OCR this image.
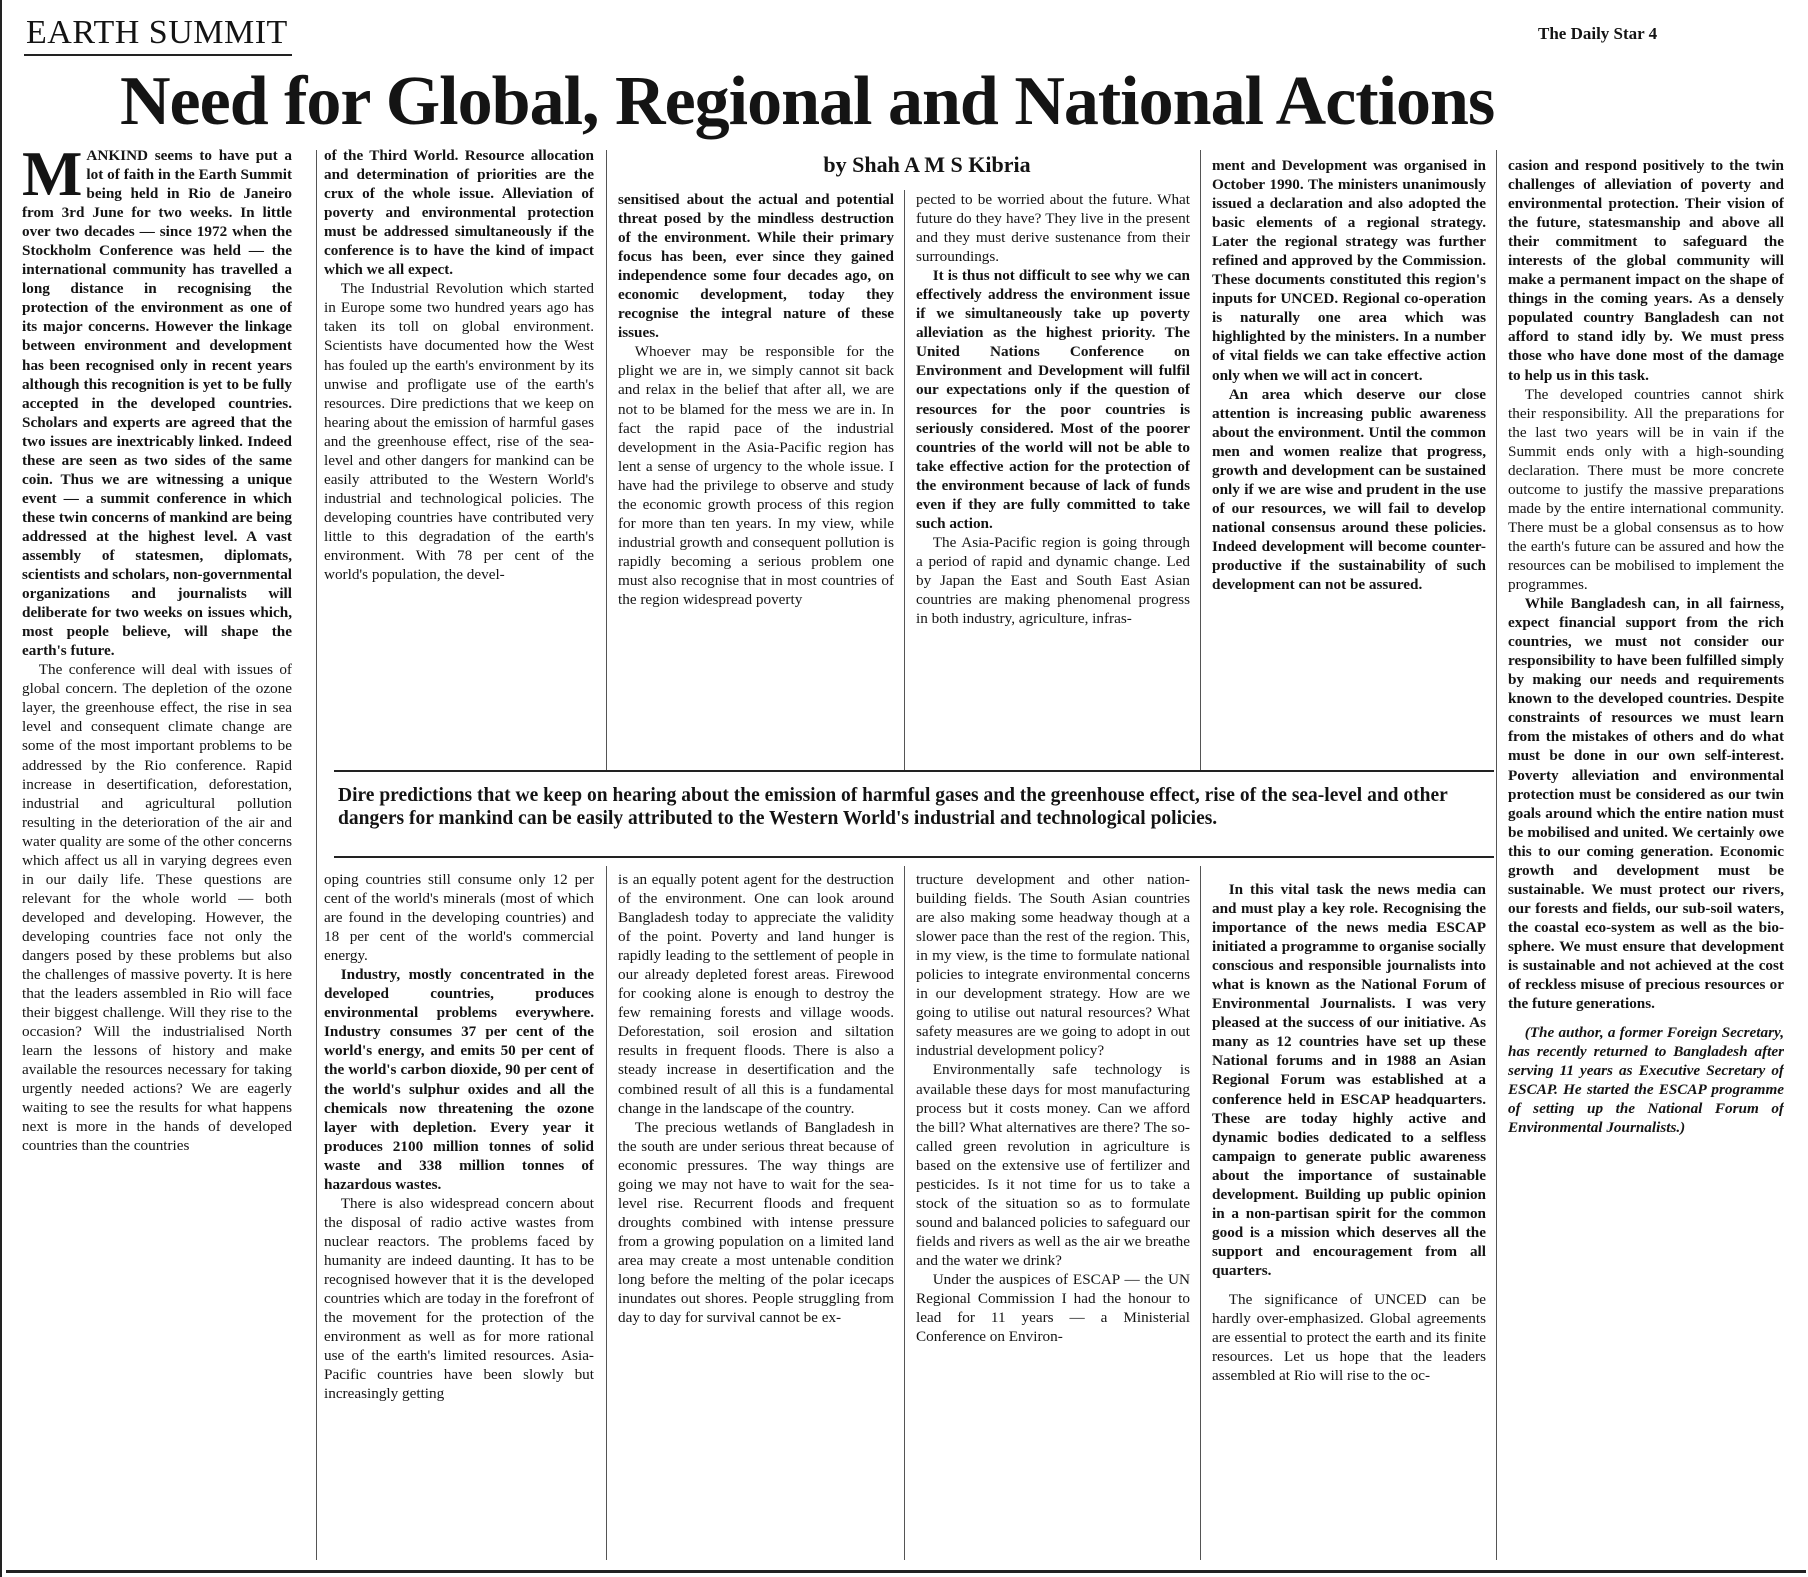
EARTH SUMMIT	The Daily Star 4
Need for Global, Regional and National Actions
by Shah A M S Kibria

MANKIND seems to have put a lot of faith in the Earth Summit being held in Rio de Janeiro from 3rd June for two weeks. In little over two decades — since 1972 when the Stockholm Conference was held — the international community has travelled a long distance in recognising the protection of the environment as one of its major concerns. However the linkage between environment and development has been recognised only in recent years although this recognition is yet to be fully accepted in the developed countries. Scholars and experts are agreed that the two issues are inextricably linked. Indeed these are seen as two sides of the same coin. Thus we are witnessing a unique event — a summit conference in which these twin concerns of mankind are being addressed at the highest level. A vast assembly of statesmen, diplomats, scientists and scholars, non-governmental organizations and journalists will deliberate for two weeks on issues which, most people believe, will shape the earth's future.

The conference will deal with issues of global concern. The depletion of the ozone layer, the greenhouse effect, the rise in sea level and consequent climate change are some of the most important problems to be addressed by the Rio conference. Rapid increase in desertification, deforestation, industrial and agricultural pollution resulting in the deterioration of the air and water quality are some of the other concerns which affect us all in varying degrees even in our daily life. These questions are relevant for the whole world — both developed and developing. However, the developing countries face not only the dangers posed by these problems but also the challenges of massive poverty. It is here that the leaders assembled in Rio will face their biggest challenge. Will they rise to the occasion? Will the industrialised North learn the lessons of history and make available the resources necessary for taking urgently needed actions? We are eagerly waiting to see the results for what happens next is more in the hands of developed countries than the countries

of the Third World. Resource allocation and determination of priorities are the crux of the whole issue. Alleviation of poverty and environmental protection must be addressed simultaneously if the conference is to have the kind of impact which we all expect.

The Industrial Revolution which started in Europe some two hundred years ago has taken its toll on global environment. Scientists have documented how the West has fouled up the earth's environment by its unwise and profligate use of the earth's resources. Dire predictions that we keep on hearing about the emission of harmful gases and the greenhouse effect, rise of the sea-level and other dangers for mankind can be easily attributed to the Western World's industrial and technological policies. The developing countries have contributed very little to this degradation of the earth's environment. With 78 per cent of the world's population, the devel-

sensitised about the actual and potential threat posed by the mindless destruction of the environment. While their primary focus has been, ever since they gained independence some four decades ago, on economic development, today they recognise the integral nature of these issues.

Whoever may be responsible for the plight we are in, we simply cannot sit back and relax in the belief that after all, we are not to be blamed for the mess we are in. In fact the rapid pace of the industrial development in the Asia-Pacific region has lent a sense of urgency to the whole issue. I have had the privilege to observe and study the economic growth process of this region for more than ten years. In my view, while industrial growth and consequent pollution is rapidly becoming a serious problem one must also recognise that in most countries of the region widespread poverty

pected to be worried about the future. What future do they have? They live in the present and they must derive sustenance from their surroundings.

It is thus not difficult to see why we can effectively address the environment issue if we simultaneously take up poverty alleviation as the highest priority. The United Nations Conference on Environment and Development will fulfil our expectations only if the question of resources for the poor countries is seriously considered. Most of the poorer countries of the world will not be able to take effective action for the protection of the environment because of lack of funds even if they are fully committed to take such action.

The Asia-Pacific region is going through a period of rapid and dynamic change. Led by Japan the East and South East Asian countries are making phenomenal progress in both industry, agriculture, infras-

ment and Development was organised in October 1990. The ministers unanimously issued a declaration and also adopted the basic elements of a regional strategy. Later the regional strategy was further refined and approved by the Commission. These documents constituted this region's inputs for UNCED. Regional co-operation is naturally one area which was highlighted by the ministers. In a number of vital fields we can take effective action only when we will act in concert.

An area which deserve our close attention is increasing public awareness about the environment. Until the common men and women realize that progress, growth and development can be sustained only if we are wise and prudent in the use of our resources, we will fail to develop national consensus around these policies. Indeed development will become counter-productive if the sustainability of such development can not be assured.

casion and respond positively to the twin challenges of alleviation of poverty and environmental protection. Their vision of the future, statesmanship and above all their commitment to safeguard the interests of the global community will make a permanent impact on the shape of things in the coming years. As a densely populated country Bangladesh can not afford to stand idly by. We must press those who have done most of the damage to help us in this task.

The developed countries cannot shirk their responsibility. All the preparations for the last two years will be in vain if the Summit ends only with a high-sounding declaration. There must be more concrete outcome to justify the massive preparations made by the entire international community. There must be a global consensus as to how the earth's future can be assured and how the resources can be mobilised to implement the programmes.

While Bangladesh can, in all fairness, expect financial support from the rich countries, we must not consider our responsibility to have been fulfilled simply by making our needs and requirements known to the developed countries. Despite constraints of resources we must learn from the mistakes of others and do what must be done in our own self-interest. Poverty alleviation and environmental protection must be considered as our twin goals around which the entire nation must be mobilised and united. We certainly owe this to our coming generation. Economic growth and development must be sustainable. We must protect our rivers, our forests and fields, our sub-soil waters, the coastal eco-system as well as the bio-sphere. We must ensure that development is sustainable and not achieved at the cost of reckless misuse of precious resources or the future generations.

(The author, a former Foreign Secretary, has recently returned to Bangladesh after serving 11 years as Executive Secretary of ESCAP. He started the ESCAP programme of setting up the National Forum of Environmental Journalists.)

Dire predictions that we keep on hearing about the emission of harmful gases and the greenhouse effect, rise of the sea-level and other dangers for mankind can be easily attributed to the Western World's industrial and technological policies.

oping countries still consume only 12 per cent of the world's minerals (most of which are found in the developing countries) and 18 per cent of the world's commercial energy.

Industry, mostly concentrated in the developed countries, produces environmental problems everywhere. Industry consumes 37 per cent of the world's energy, and emits 50 per cent of the world's carbon dioxide, 90 per cent of the world's sulphur oxides and all the chemicals now threatening the ozone layer with depletion. Every year it produces 2100 million tonnes of solid waste and 338 million tonnes of hazardous wastes.

There is also widespread concern about the disposal of radio active wastes from nuclear reactors. The problems faced by humanity are indeed daunting. It has to be recognised however that it is the developed countries which are today in the forefront of the movement for the protection of the environment as well as for more rational use of the earth's limited resources. Asia-Pacific countries have been slowly but increasingly getting

is an equally potent agent for the destruction of the environment. One can look around Bangladesh today to appreciate the validity of the point. Poverty and land hunger is rapidly leading to the settlement of people in our already depleted forest areas. Firewood for cooking alone is enough to destroy the few remaining forests and village woods. Deforestation, soil erosion and siltation results in frequent floods. There is also a steady increase in desertification and the combined result of all this is a fundamental change in the landscape of the country.

The precious wetlands of Bangladesh in the south are under serious threat because of economic pressures. The way things are going we may not have to wait for the sea-level rise. Recurrent floods and frequent droughts combined with intense pressure from a growing population on a limited land area may create a most untenable condition long before the melting of the polar icecaps inundates out shores. People struggling from day to day for survival cannot be ex-

tructure development and other nation-building fields. The South Asian countries are also making some headway though at a slower pace than the rest of the region. This, in my view, is the time to formulate national policies to integrate environmental concerns in our development strategy. How are we going to utilise out natural resources? What safety measures are we going to adopt in out industrial development policy?

Environmentally safe technology is available these days for most manufacturing process but it costs money. Can we afford the bill? What alternatives are there? The so-called green revolution in agriculture is based on the extensive use of fertilizer and pesticides. Is it not time for us to take a stock of the situation so as to formulate sound and balanced policies to safeguard our fields and rivers as well as the air we breathe and the water we drink?

Under the auspices of ESCAP — the UN Regional Commission I had the honour to lead for 11 years — a Ministerial Conference on Environ-

In this vital task the news media can and must play a key role. Recognising the importance of the news media ESCAP initiated a programme to organise socially conscious and responsible journalists into what is known as the National Forum of Environmental Journalists. I was very pleased at the success of our initiative. As many as 12 countries have set up these National forums and in 1988 an Asian Regional Forum was established at a conference held in ESCAP headquarters. These are today highly active and dynamic bodies dedicated to a selfless campaign to generate public awareness about the importance of sustainable development. Building up public opinion in a non-partisan spirit for the common good is a mission which deserves all the support and encouragement from all quarters.

The significance of UNCED can be hardly over-emphasized. Global agreements are essential to protect the earth and its finite resources. Let us hope that the leaders assembled at Rio will rise to the oc-
